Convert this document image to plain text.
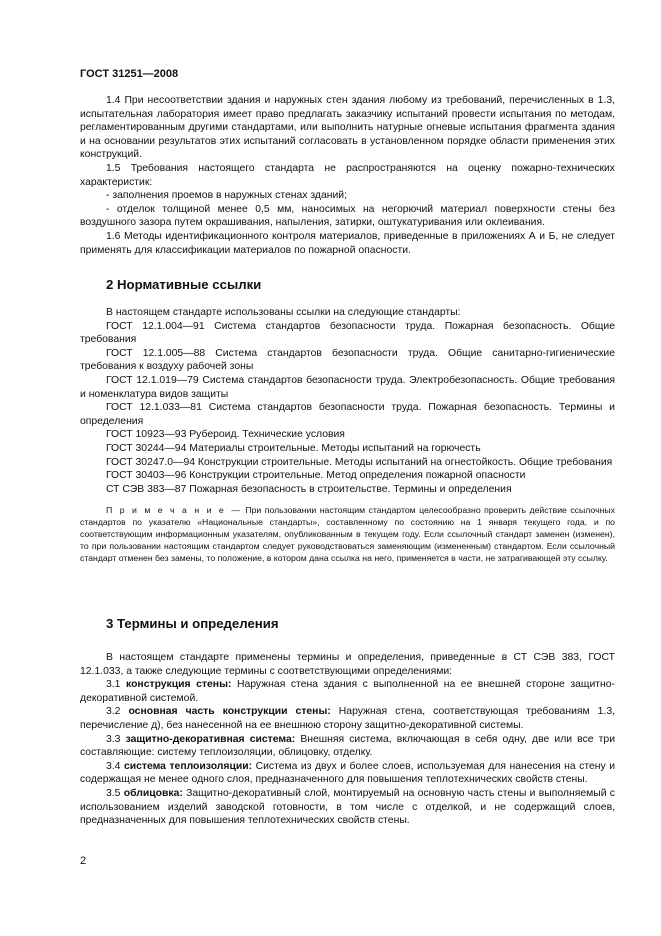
ГОСТ 31251—2008

1.4 При несоответствии здания и наружных стен здания любому из требований, перечисленных в 1.3, испытательная лаборатория имеет право предлагать заказчику испытаний провести испытания по методам, регламентированным другими стандартами, или выполнить натурные огневые испытания фрагмента здания и на основании результатов этих испытаний согласовать в установленном порядке области применения этих конструкций.

1.5 Требования настоящего стандарта не распространяются на оценку пожарно-технических характеристик:

- заполнения проемов в наружных стенах зданий;

- отделок толщиной менее 0,5 мм, наносимых на негорючий материал поверхности стены без воздушного зазора путем окрашивания, напыления, затирки, оштукатуривания или оклеивания.

1.6 Методы идентификационного контроля материалов, приведенные в приложениях А и Б, не следует применять для классификации материалов по пожарной опасности.

2 Нормативные ссылки

В настоящем стандарте использованы ссылки на следующие стандарты:

ГОСТ 12.1.004—91 Система стандартов безопасности труда. Пожарная безопасность. Общие требования

ГОСТ 12.1.005—88 Система стандартов безопасности труда. Общие санитарно-гигиенические требования к воздуху рабочей зоны

ГОСТ 12.1.019—79 Система стандартов безопасности труда. Электробезопасность. Общие требования и номенклатура видов защиты

ГОСТ 12.1.033—81 Система стандартов безопасности труда. Пожарная безопасность. Термины и определения

ГОСТ 10923—93 Рубероид. Технические условия

ГОСТ 30244—94 Материалы строительные. Методы испытаний на горючесть

ГОСТ 30247.0—94 Конструкции строительные. Методы испытаний на огнестойкость. Общие требования

ГОСТ 30403—96 Конструкции строительные. Метод определения пожарной опасности

СТ СЭВ 383—87 Пожарная безопасность в строительстве. Термины и определения

П р и м е ч а н и е — При пользовании настоящим стандартом целесообразно проверить действие ссылочных стандартов по указателю «Национальные стандарты», составленному по состоянию на 1 января текущего года, и по соответствующим информационным указателям, опубликованным в текущем году. Если ссылочный стандарт заменен (изменен), то при пользовании настоящим стандартом следует руководствоваться заменяющим (измененным) стандартом. Если ссылочный стандарт отменен без замены, то положение, в котором дана ссылка на него, применяется в части, не затрагивающей эту ссылку.

3 Термины и определения

В настоящем стандарте применены термины и определения, приведенные в СТ СЭВ 383, ГОСТ 12.1.033, а также следующие термины с соответствующими определениями:

3.1 конструкция стены: Наружная стена здания с выполненной на ее внешней стороне защитно-декоративной системой.

3.2 основная часть конструкции стены: Наружная стена, соответствующая требованиям 1.3, перечисление д), без нанесенной на ее внешнюю сторону защитно-декоративной системы.

3.3 защитно-декоративная система: Внешняя система, включающая в себя одну, две или все три составляющие: систему теплоизоляции, облицовку, отделку.

3.4 система теплоизоляции: Система из двух и более слоев, используемая для нанесения на стену и содержащая не менее одного слоя, предназначенного для повышения теплотехнических свойств стены.

3.5 облицовка: Защитно-декоративный слой, монтируемый на основную часть стены и выполняемый с использованием изделий заводской готовности, в том числе с отделкой, и не содержащий слоев, предназначенных для повышения теплотехнических свойств стены.

2
